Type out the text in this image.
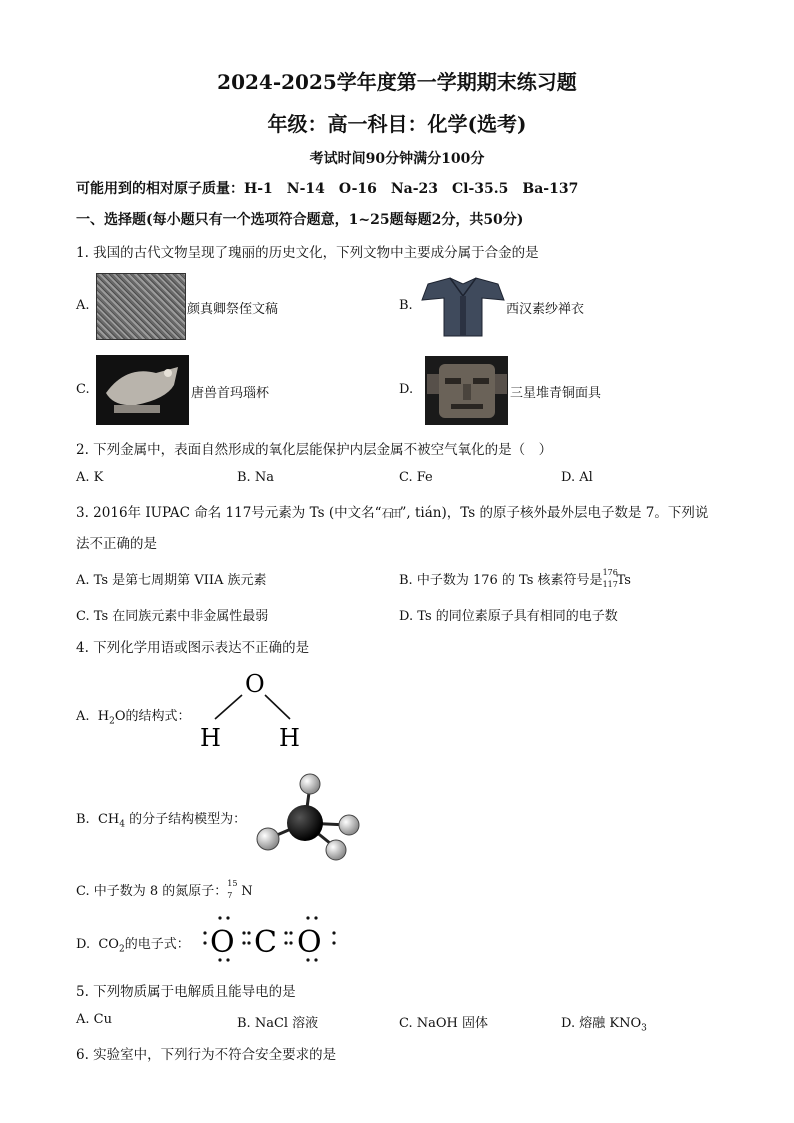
2024-2025学年度第一学期期末练习题
年级：高一科目：化学(选考)
考试时间90分钟满分100分
可能用到的相对原子质量：H-1　N-14　O-16　Na-23　Cl-35.5　Ba-137
一、选择题(每小题只有一个选项符合题意，1~25题每题2分，共50分)
1. 我国的古代文物呈现了瑰丽的历史文化，下列文物中主要成分属于合金的是
A.	颜真卿祭侄文稿	B.	西汉素纱禅衣
C.	唐兽首玛瑙杯	D.	三星堆青铜面具
2. 下列金属中，表面自然形成的氧化层能保护内层金属不被空气氧化的是（　）
A. K	B. Na	C. Fe	D. Al
3. 2016年 IUPAC 命名 117号元素为 Ts (中文名“石田”, tián)，Ts 的原子核外最外层电子数是 7。下列说
法不正确的是
A. Ts 是第七周期第 VIIA 族元素	B. 中子数为 176 的 Ts 核素符号是
176
117
Ts
C. Ts 在同族元素中非金属性最弱	D. Ts 的同位素原子具有相同的电子数
4. 下列化学用语或图示表达不正确的是
A. $H_2O$的结构式：
O
H H
B. $CH_4$ 的分子结构模型为：
C. 中子数为 8 的氮原子：
15
7 N
D. $CO_2$的电子式： O C O
5. 下列物质属于电解质且能导电的是
A. Cu	B. NaCl 溶液	C. NaOH 固体	D. 熔融 $KNO_3$
6. 实验室中，下列行为不符合安全要求的是
